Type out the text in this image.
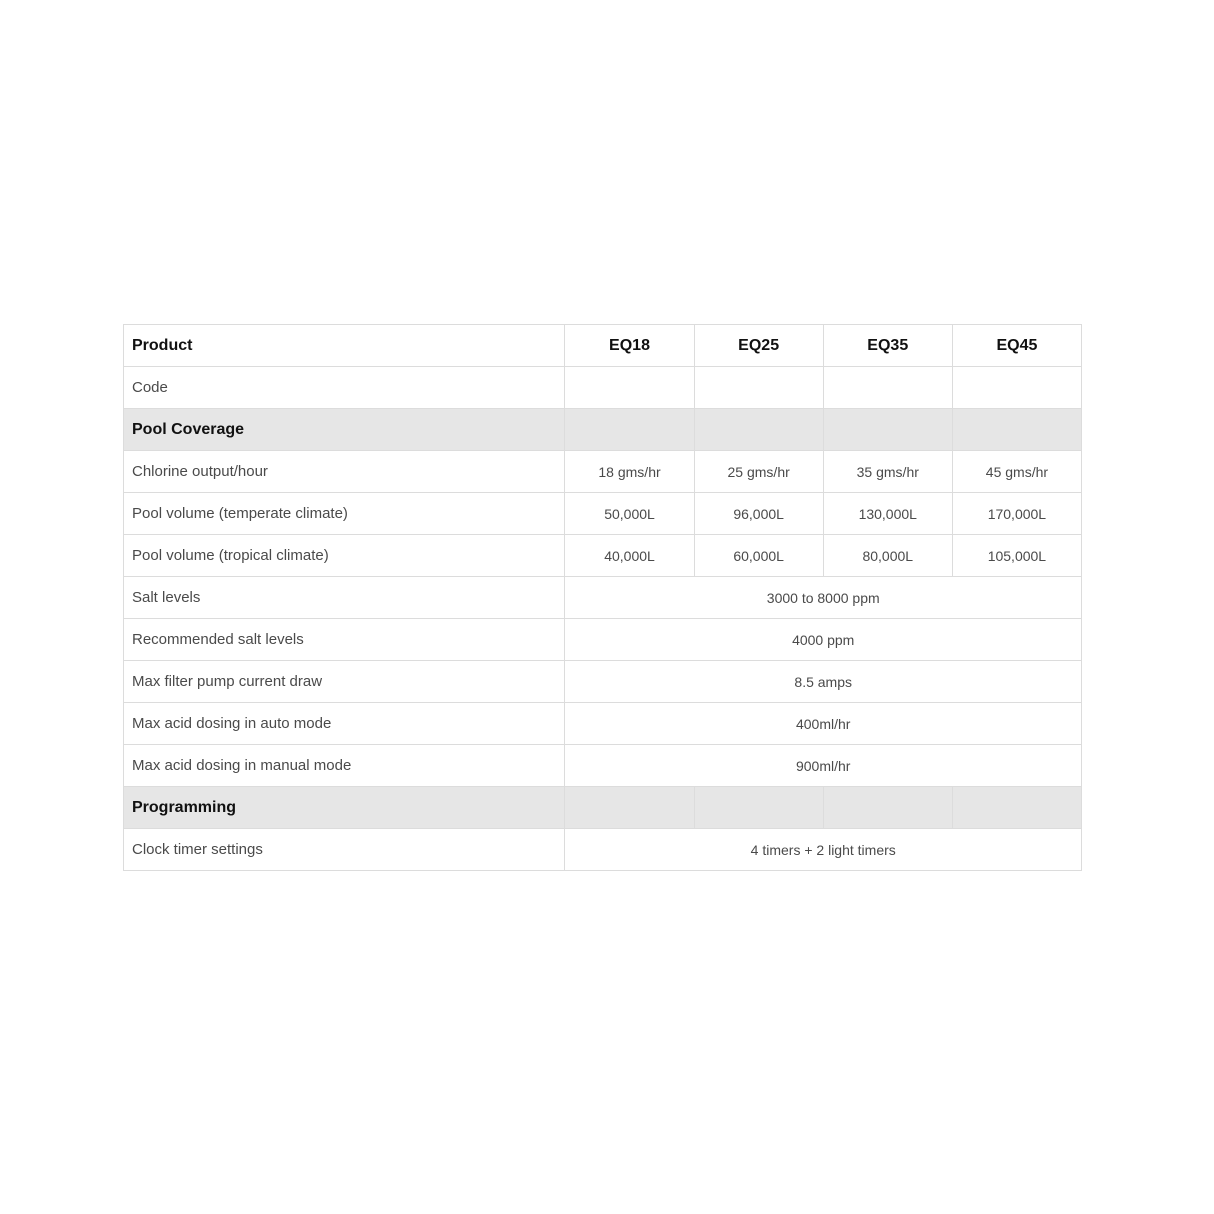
Product	EQ18	EQ25	EQ35	EQ45
Code				
Pool Coverage				
Chlorine output/hour	18 gms/hr	25 gms/hr	35 gms/hr	45 gms/hr
Pool volume (temperate climate)	50,000L	96,000L	130,000L	170,000L
Pool volume (tropical climate)	40,000L	60,000L	80,000L	105,000L
Salt levels	3000 to 8000 ppm			
Recommended salt levels	4000 ppm			
Max filter pump current draw	8.5 amps			
Max acid dosing in auto mode	400ml/hr			
Max acid dosing in manual mode	900ml/hr			
Programming				
Clock timer settings	4 timers + 2 light timers			
